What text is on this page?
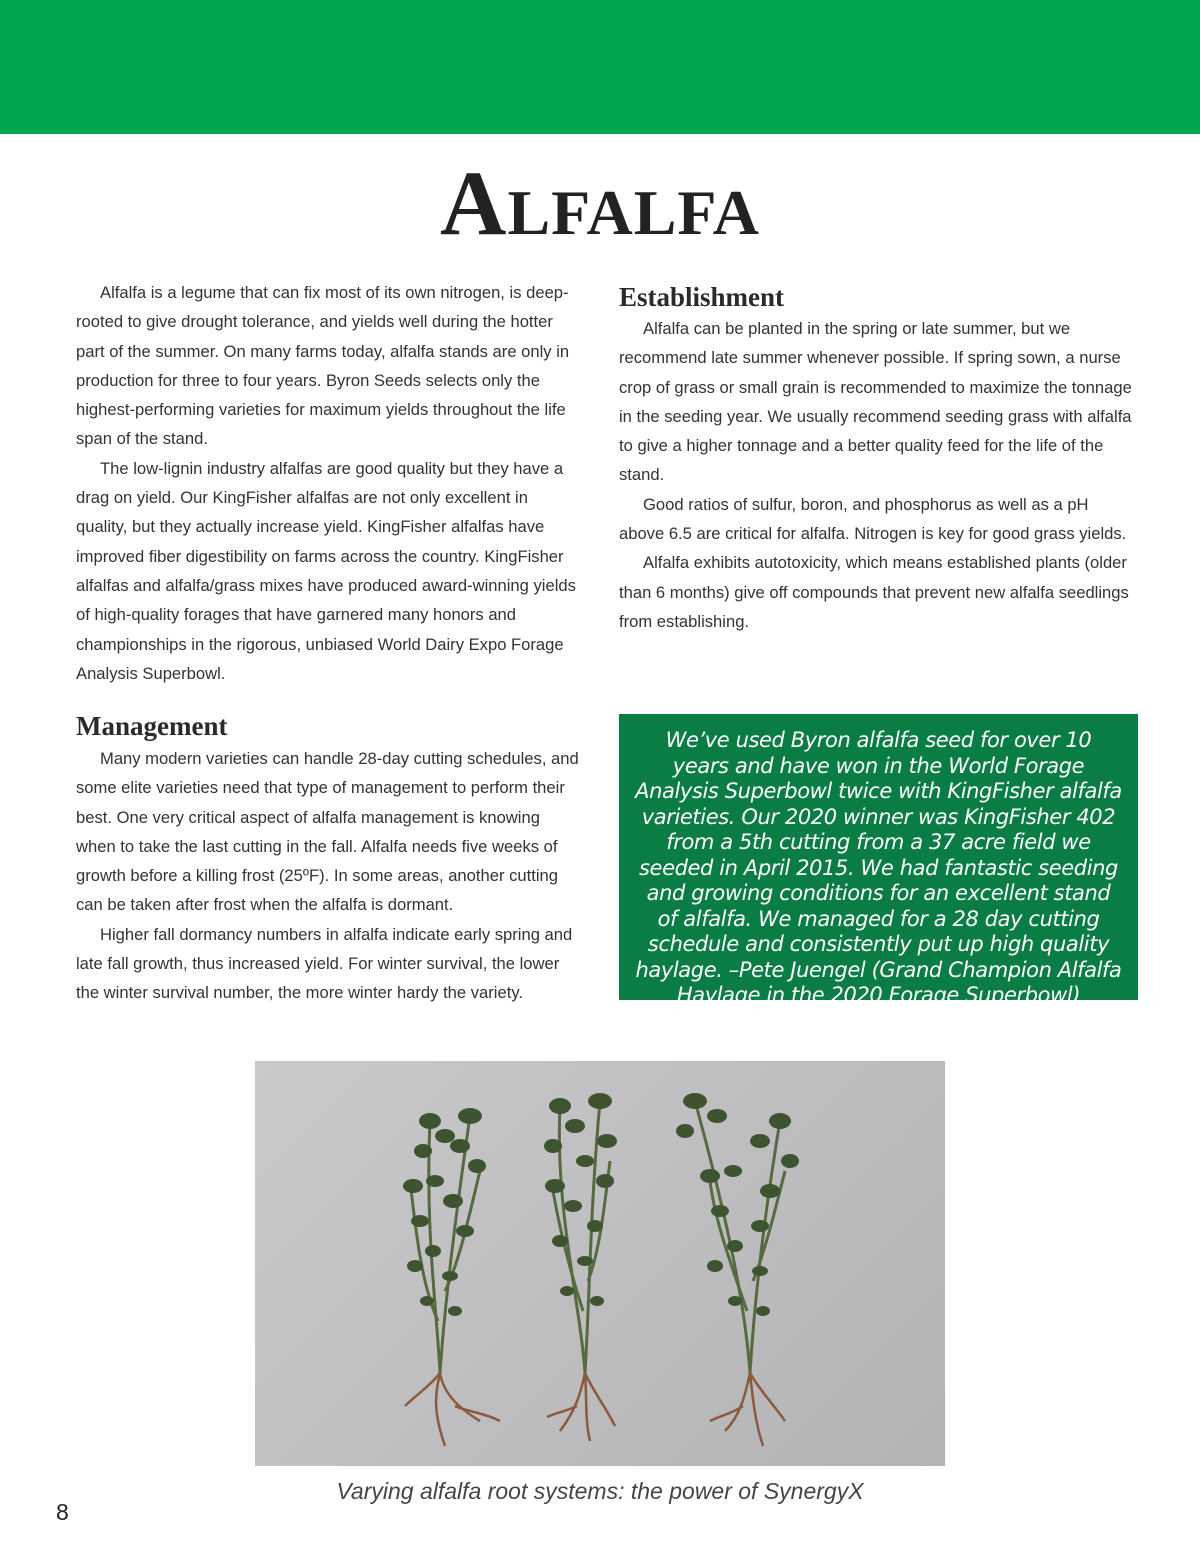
Alfalfa

Alfalfa is a legume that can fix most of its own nitrogen, is deep-rooted to give drought tolerance, and yields well during the hotter part of the summer. On many farms today, alfalfa stands are only in production for three to four years. Byron Seeds selects only the highest-performing varieties for maximum yields throughout the life span of the stand.

The low-lignin industry alfalfas are good quality but they have a drag on yield. Our KingFisher alfalfas are not only excellent in quality, but they actually increase yield. KingFisher alfalfas have improved fiber digestibility on farms across the country. KingFisher alfalfas and alfalfa/grass mixes have produced award-winning yields of high-quality forages that have garnered many honors and championships in the rigorous, unbiased World Dairy Expo Forage Analysis Superbowl.

Establishment

Alfalfa can be planted in the spring or late summer, but we recommend late summer whenever possible. If spring sown, a nurse crop of grass or small grain is recommended to maximize the tonnage in the seeding year. We usually recommend seeding grass with alfalfa to give a higher tonnage and a better quality feed for the life of the stand.

Good ratios of sulfur, boron, and phosphorus as well as a pH above 6.5 are critical for alfalfa. Nitrogen is key for good grass yields.

Alfalfa exhibits autotoxicity, which means established plants (older than 6 months) give off compounds that prevent new alfalfa seedlings from establishing.

Management

Many modern varieties can handle 28-day cutting schedules, and some elite varieties need that type of management to perform their best. One very critical aspect of alfalfa management is knowing when to take the last cutting in the fall. Alfalfa needs five weeks of growth before a killing frost (25ºF). In some areas, another cutting can be taken after frost when the alfalfa is dormant.

Higher fall dormancy numbers in alfalfa indicate early spring and late fall growth, thus increased yield. For winter survival, the lower the winter survival number, the more winter hardy the variety.

We’ve used Byron alfalfa seed for over 10 years and have won in the World Forage Analysis Superbowl twice with KingFisher alfalfa varieties. Our 2020 winner was KingFisher 402 from a 5th cutting from a 37 acre field we seeded in April 2015. We had fantastic seeding and growing conditions for an excellent stand of alfalfa. We managed for a 28 day cutting schedule and consistently put up high quality haylage. –Pete Juengel (Grand Champion Alfalfa Haylage in the 2020 Forage Superbowl)

Varying alfalfa root systems: the power of SynergyX
8
